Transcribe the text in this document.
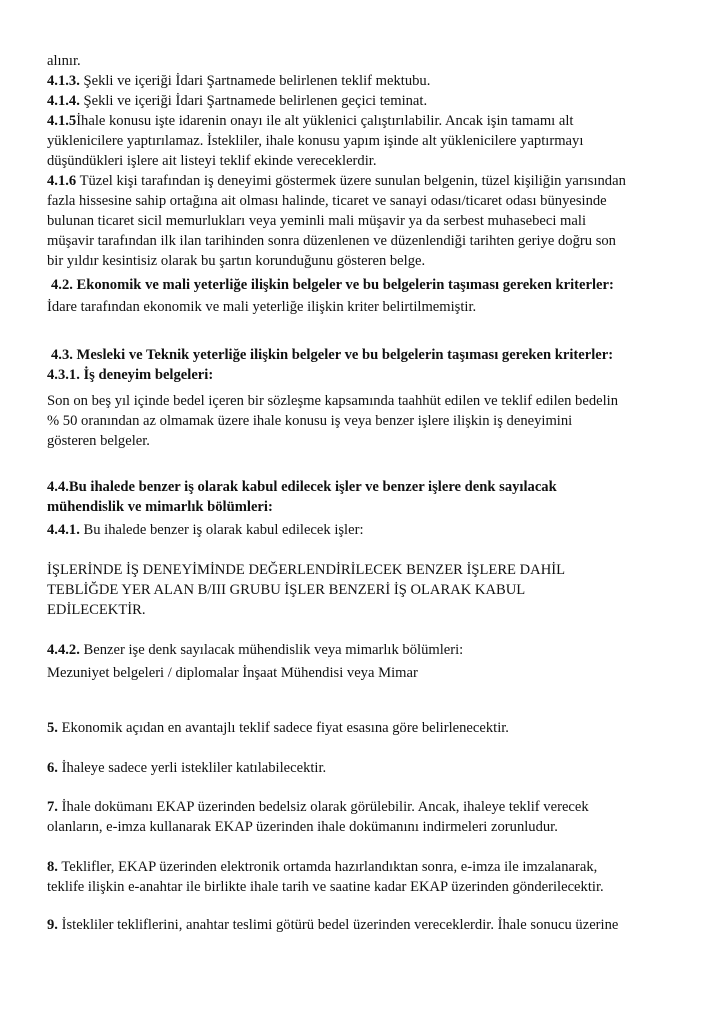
alınır.
4.1.3. Şekli ve içeriği İdari Şartnamede belirlenen teklif mektubu.
4.1.4. Şekli ve içeriği İdari Şartnamede belirlenen geçici teminat.
4.1.5İhale konusu işte idarenin onayı ile alt yüklenici çalıştırılabilir. Ancak işin tamamı alt
yüklenicilere yaptırılamaz. İstekliler, ihale konusu yapım işinde alt yüklenicilere yaptırmayı
düşündükleri işlere ait listeyi teklif ekinde vereceklerdir.
4.1.6 Tüzel kişi tarafından iş deneyimi göstermek üzere sunulan belgenin, tüzel kişiliğin yarısından
fazla hissesine sahip ortağına ait olması halinde, ticaret ve sanayi odası/ticaret odası bünyesinde
bulunan ticaret sicil memurlukları veya yeminli mali müşavir ya da serbest muhasebeci mali
müşavir tarafından ilk ilan tarihinden sonra düzenlenen ve düzenlendiği tarihten geriye doğru son
bir yıldır kesintisiz olarak bu şartın korunduğunu gösteren belge.
4.2. Ekonomik ve mali yeterliğe ilişkin belgeler ve bu belgelerin taşıması gereken kriterler:
İdare tarafından ekonomik ve mali yeterliğe ilişkin kriter belirtilmemiştir.
4.3. Mesleki ve Teknik yeterliğe ilişkin belgeler ve bu belgelerin taşıması gereken kriterler:
4.3.1. İş deneyim belgeleri:
Son on beş yıl içinde bedel içeren bir sözleşme kapsamında taahhüt edilen ve teklif edilen bedelin
% 50 oranından az olmamak üzere ihale konusu iş veya benzer işlere ilişkin iş deneyimini
gösteren belgeler.
4.4.Bu ihalede benzer iş olarak kabul edilecek işler ve benzer işlere denk sayılacak
mühendislik ve mimarlık bölümleri:
4.4.1. Bu ihalede benzer iş olarak kabul edilecek işler:
İŞLERİNDE İŞ DENEYİMİNDE DEĞERLENDİRİLECEK BENZER İŞLERE DAHİL
TEBLİĞDE YER ALAN B/III GRUBU İŞLER BENZERİ İŞ OLARAK KABUL
EDİLECEKTİR.
4.4.2. Benzer işe denk sayılacak mühendislik veya mimarlık bölümleri:
Mezuniyet belgeleri / diplomalar İnşaat Mühendisi veya Mimar
5. Ekonomik açıdan en avantajlı teklif sadece fiyat esasına göre belirlenecektir.
6. İhaleye sadece yerli istekliler katılabilecektir.
7. İhale dokümanı EKAP üzerinden bedelsiz olarak görülebilir. Ancak, ihaleye teklif verecek
olanların, e-imza kullanarak EKAP üzerinden ihale dokümanını indirmeleri zorunludur.
8. Teklifler, EKAP üzerinden elektronik ortamda hazırlandıktan sonra, e-imza ile imzalanarak,
teklife ilişkin e-anahtar ile birlikte ihale tarih ve saatine kadar EKAP üzerinden gönderilecektir.
9. İstekliler tekliflerini, anahtar teslimi götürü bedel üzerinden vereceklerdir. İhale sonucu üzerine
